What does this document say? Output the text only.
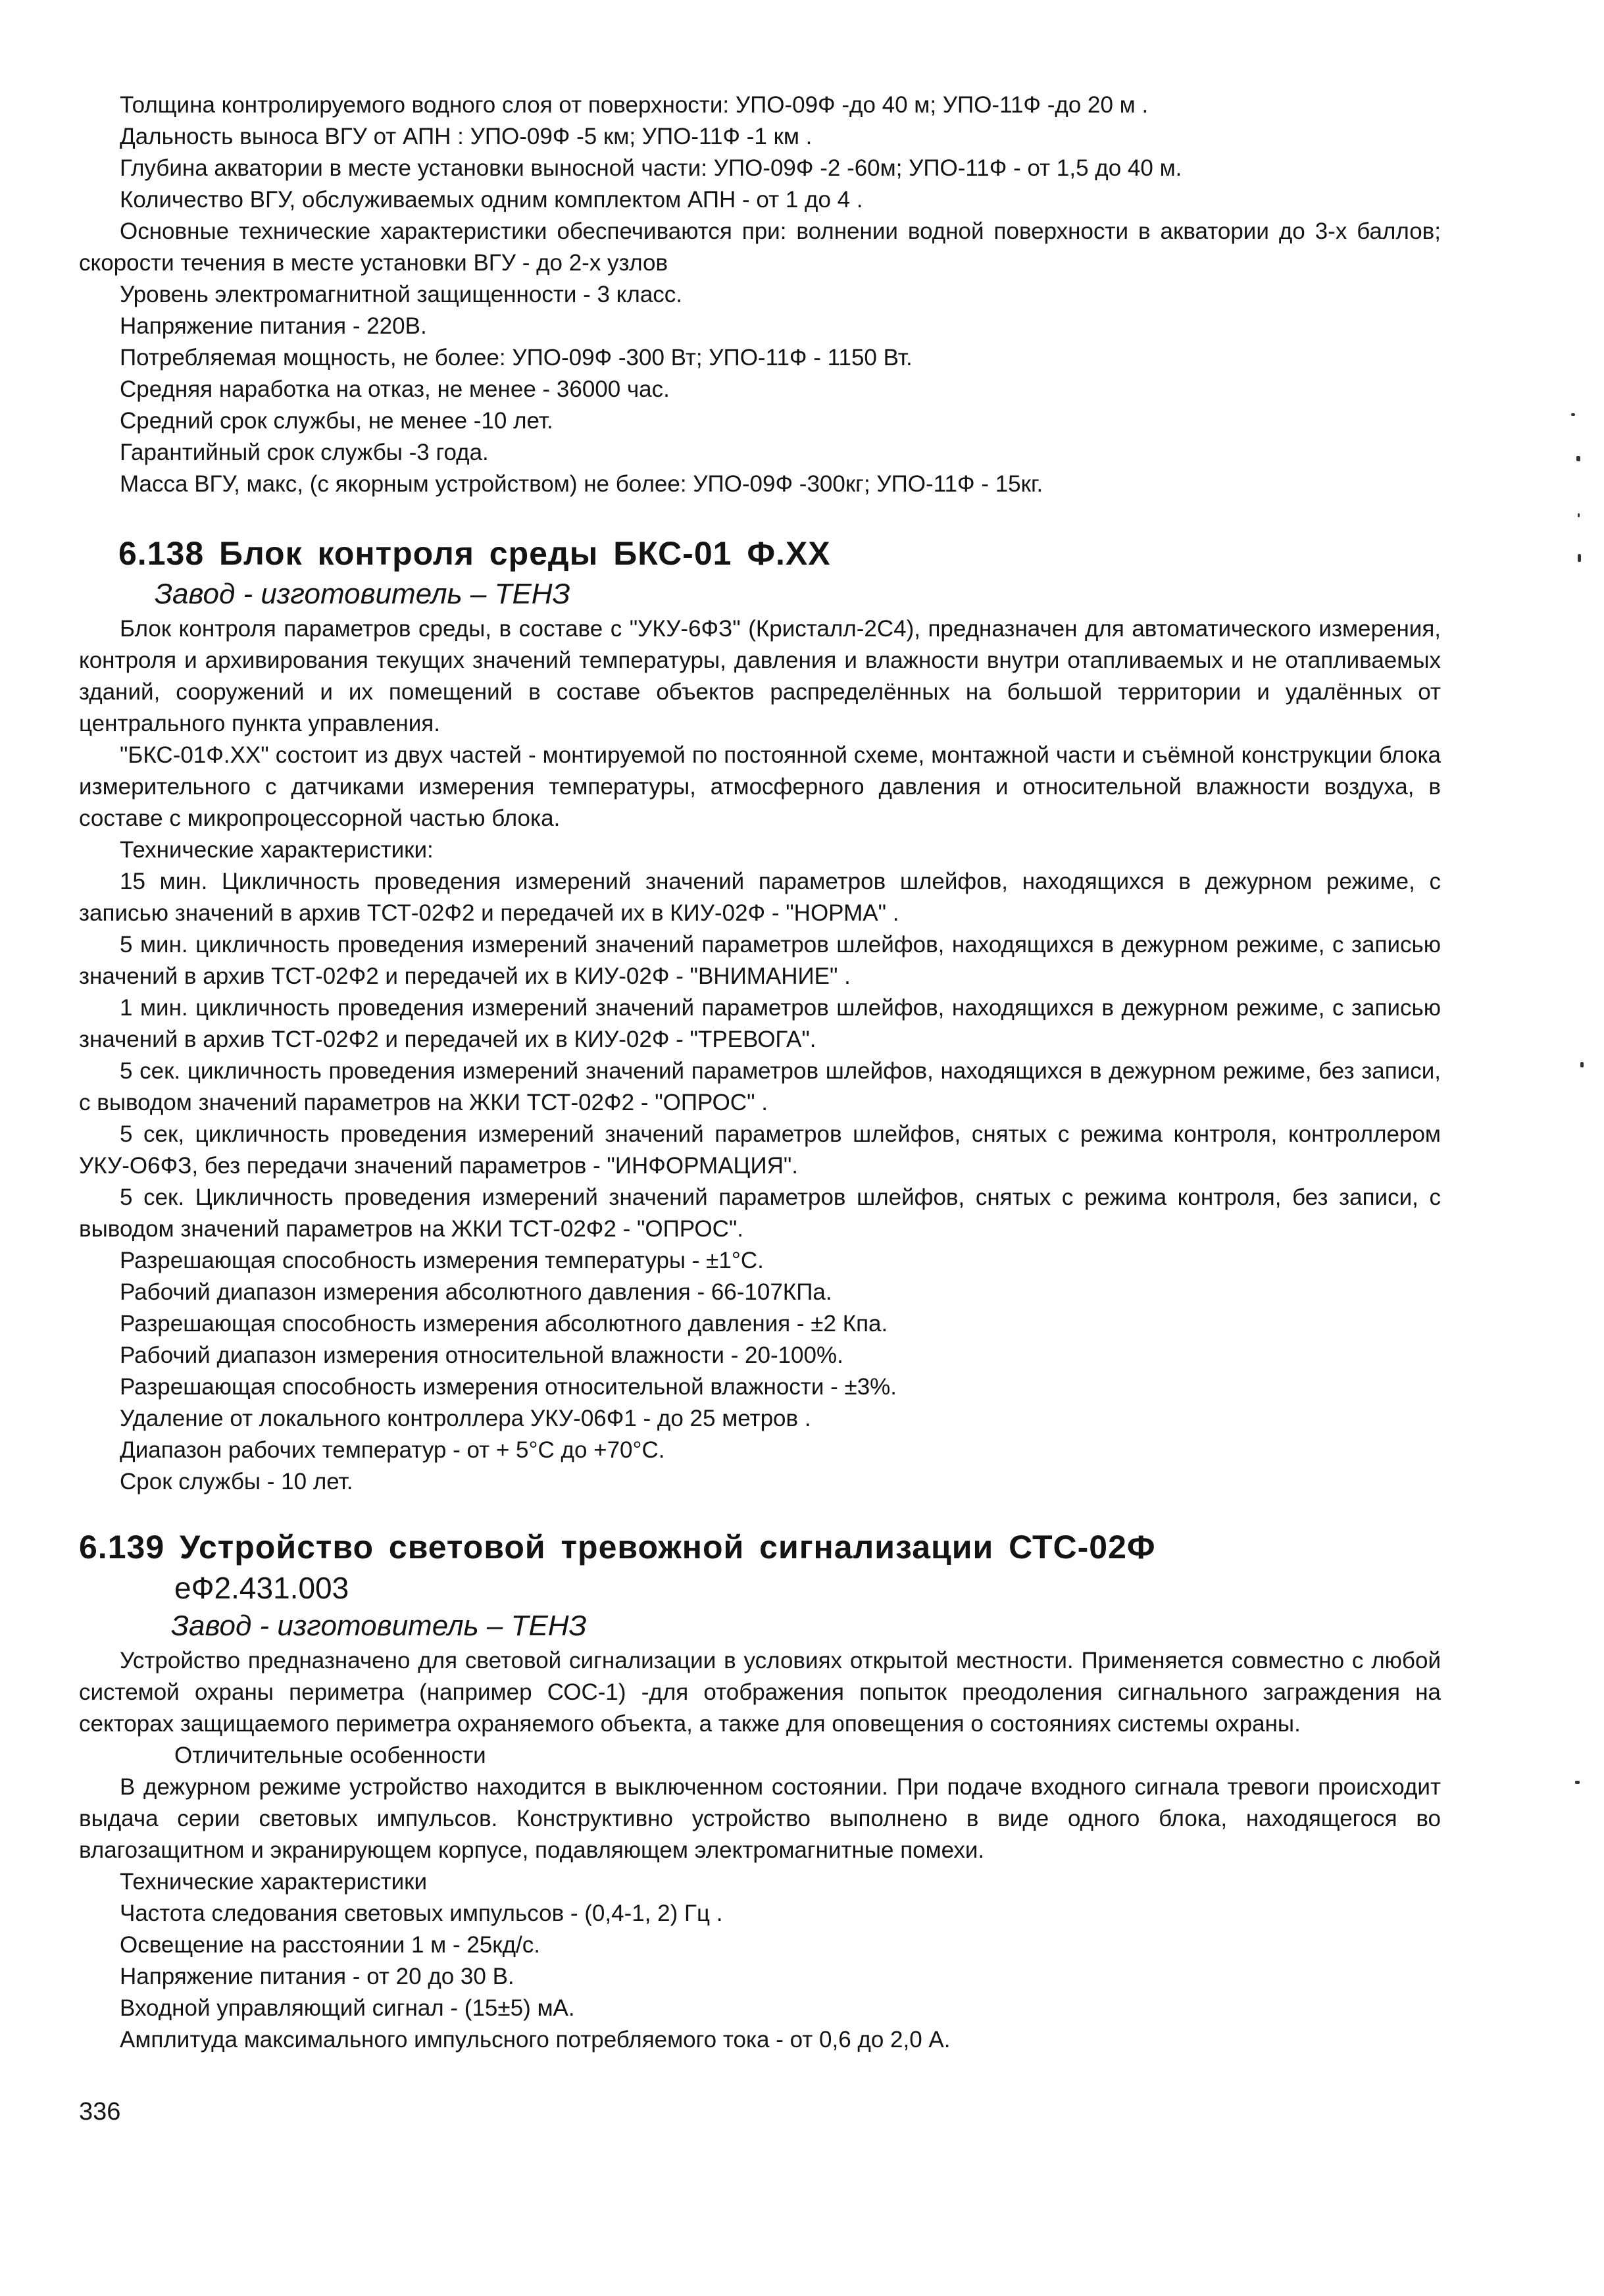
Толщина контролируемого водного слоя от поверхности: УПО-09Ф -до 40 м; УПО-11Ф -до 20 м .

Дальность выноса ВГУ от АПН : УПО-09Ф -5 км; УПО-11Ф -1 км .

Глубина акватории в месте установки выносной части: УПО-09Ф -2 -60м; УПО-11Ф - от 1,5 до 40 м.

Количество ВГУ, обслуживаемых одним комплектом АПН - от 1 до 4 .

Основные технические характеристики обеспечиваются при: волнении водной поверхности в акватории до 3-х баллов; скорости течения в месте установки ВГУ - до 2-х узлов

Уровень электромагнитной защищенности - 3 класс.

Напряжение питания - 220В.

Потребляемая мощность, не более: УПО-09Ф -300 Вт; УПО-11Ф - 1150 Вт.

Средняя наработка на отказ, не менее - 36000 час.

Средний срок службы, не менее -10 лет.

Гарантийный срок службы -3 года.

Масса ВГУ, макс, (с якорным устройством) не более: УПО-09Ф -300кг; УПО-11Ф - 15кг.

6.138 Блок контроля среды БКС-01 Ф.ХХ

Завод - изготовитель – ТЕНЗ

Блок контроля параметров среды, в составе с "УКУ-6ФЗ" (Кристалл-2С4), предназначен для автоматического измерения, контроля и архивирования текущих значений температуры, давления и влажности внутри отапливаемых и не отапливаемых зданий, сооружений и их помещений в составе объектов распределённых на большой территории и удалённых от центрального пункта управления.

"БКС-01Ф.ХХ" состоит из двух частей - монтируемой по постоянной схеме, монтажной части и съёмной конструкции блока измерительного с датчиками измерения температуры, атмосферного давления и относительной влажности воздуха, в составе с микропроцессорной частью блока.

Технические характеристики:

15 мин. Цикличность проведения измерений значений параметров шлейфов, находящихся в дежурном режиме, с записью значений в архив ТСТ-02Ф2 и передачей их в КИУ-02Ф - "НОРМА" .

5 мин. цикличность проведения измерений значений параметров шлейфов, находящихся в дежурном режиме, с записью значений в архив ТСТ-02Ф2 и передачей их в КИУ-02Ф - "ВНИМАНИЕ" .

1 мин. цикличность проведения измерений значений параметров шлейфов, находящихся в дежурном режиме, с записью значений в архив ТСТ-02Ф2 и передачей их в КИУ-02Ф - "ТРЕВОГА".

5 сек. цикличность проведения измерений значений параметров шлейфов, находящихся в дежурном режиме, без записи, с выводом значений параметров на ЖКИ ТСТ-02Ф2 - "ОПРОС" .

5 сек, цикличность проведения измерений значений параметров шлейфов, снятых с режима контроля, контроллером УКУ-О6ФЗ, без передачи значений параметров - "ИНФОРМАЦИЯ".

5 сек. Цикличность проведения измерений значений параметров шлейфов, снятых с режима контроля, без записи, с выводом значений параметров на ЖКИ ТСТ-02Ф2 - "ОПРОС".

Разрешающая способность измерения температуры - ±1°С.

Рабочий диапазон измерения абсолютного давления - 66-107КПа.

Разрешающая способность измерения абсолютного давления - ±2 Кпа.

Рабочий диапазон измерения относительной влажности - 20-100%.

Разрешающая способность измерения относительной влажности - ±3%.

Удаление от локального контроллера УКУ-06Ф1 - до 25 метров .

Диапазон рабочих температур - от + 5°С до +70°С.

Срок службы - 10 лет.

6.139 Устройство световой тревожной сигнализации СТС-02Ф

еФ2.431.003

Завод - изготовитель – ТЕНЗ

Устройство предназначено для световой сигнализации в условиях открытой местности. Применяется совместно с любой системой охраны периметра (например СОС-1) -для отображения попыток преодоления сигнального заграждения на секторах защищаемого периметра охраняемого объекта, а также для оповещения о состояниях системы охраны.

Отличительные особенности

В дежурном режиме устройство находится в выключенном состоянии. При подаче входного сигнала тревоги происходит выдача серии световых импульсов. Конструктивно устройство выполнено в виде одного блока, находящегося во влагозащитном и экранирующем корпусе, подавляющем электромагнитные помехи.

Технические характеристики

Частота следования световых импульсов - (0,4-1, 2) Гц .

Освещение на расстоянии 1 м - 25кд/с.

Напряжение питания - от 20 до 30 В.

Входной управляющий сигнал - (15±5) мА.

Амплитуда максимального импульсного потребляемого тока - от 0,6 до 2,0 А.

336
